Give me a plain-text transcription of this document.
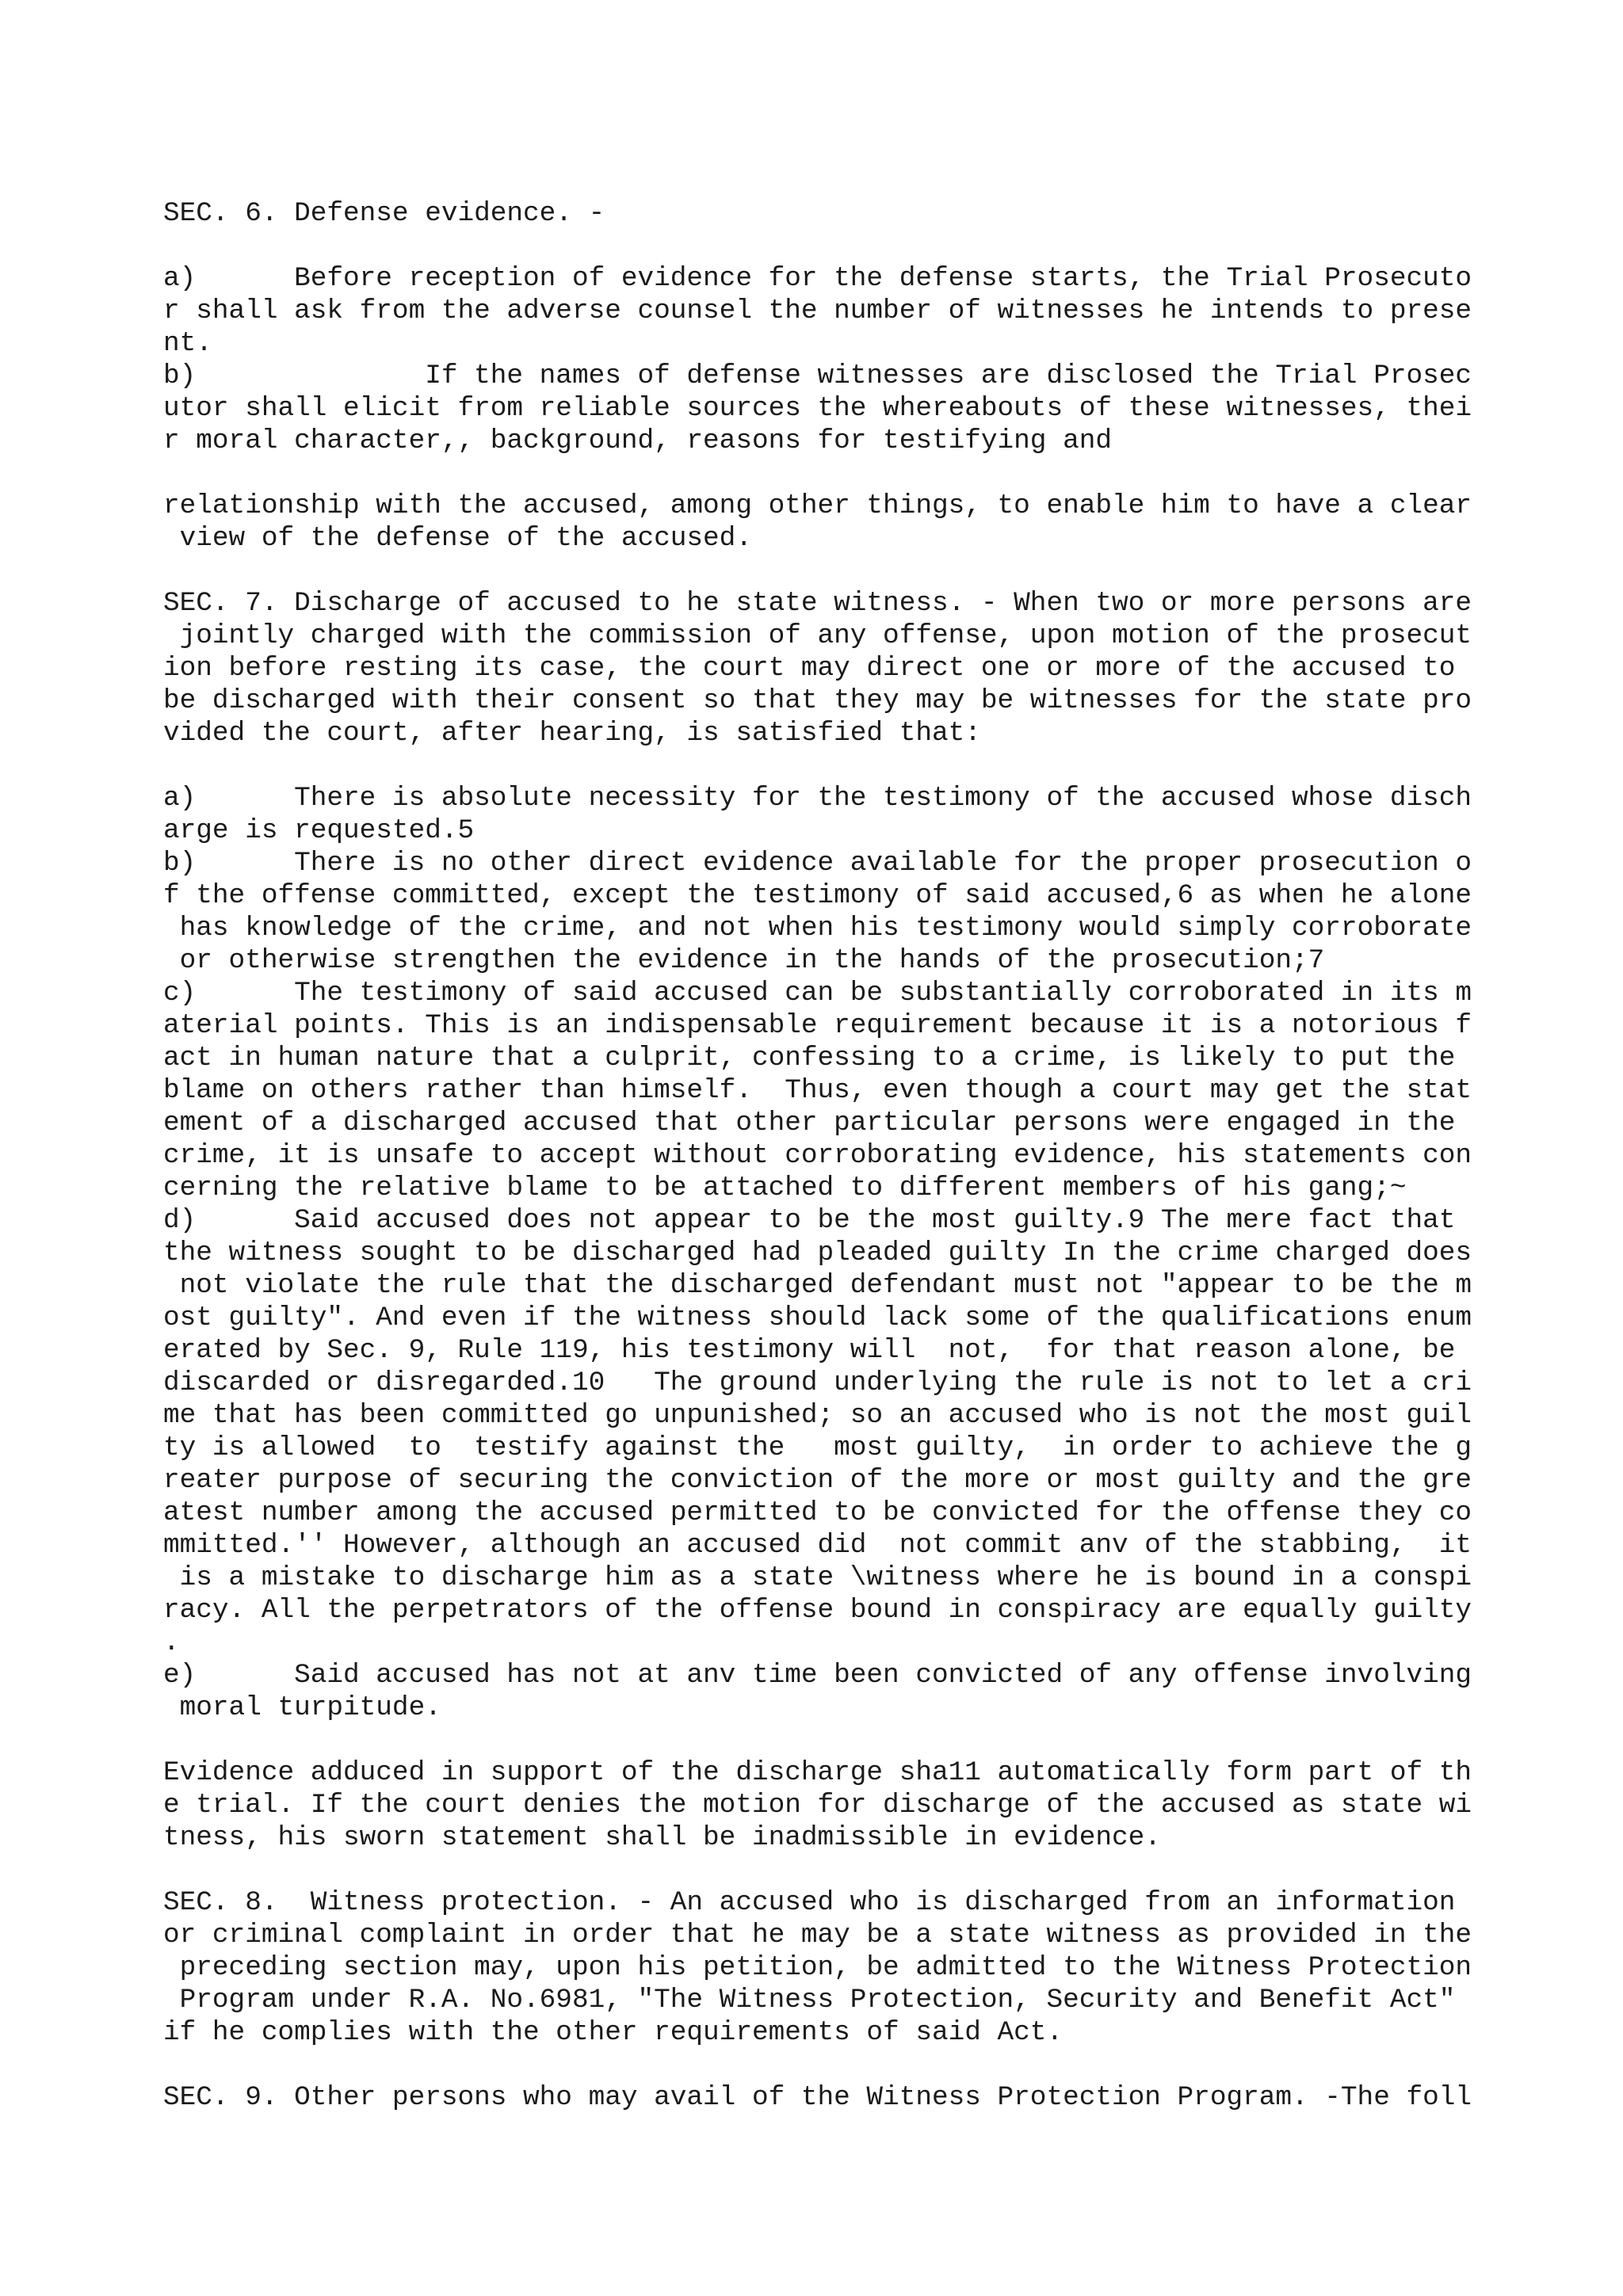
SEC. 6. Defense evidence. -
a)      Before reception of evidence for the defense starts, the Trial Prosecuto
r shall ask from the adverse counsel the number of witnesses he intends to prese
nt.
b)              If the names of defense witnesses are disclosed the Trial Prosec
utor shall elicit from reliable sources the whereabouts of these witnesses, thei
r moral character,, background, reasons for testifying and
relationship with the accused, among other things, to enable him to have a clear
view of the defense of the accused.
SEC. 7. Discharge of accused to he state witness. - When two or more persons are
jointly charged with the commission of any offense, upon motion of the prosecut
ion before resting its case, the court may direct one or more of the accused to
be discharged with their consent so that they may be witnesses for the state pro
vided the court, after hearing, is satisfied that:
a)      There is absolute necessity for the testimony of the accused whose disch
arge is requested.5
b)      There is no other direct evidence available for the proper prosecution o
f the offense committed, except the testimony of said accused,6 as when he alone
has knowledge of the crime, and not when his testimony would simply corroborate
or otherwise strengthen the evidence in the hands of the prosecution;7
c)      The testimony of said accused can be substantially corroborated in its m
aterial points. This is an indispensable requirement because it is a notorious f
act in human nature that a culprit, confessing to a crime, is likely to put the
blame on others rather than himself.  Thus, even though a court may get the stat
ement of a discharged accused that other particular persons were engaged in the
crime, it is unsafe to accept without corroborating evidence, his statements con
cerning the relative blame to be attached to different members of his gang;~
d)      Said accused does not appear to be the most guilty.9 The mere fact that
the witness sought to be discharged had pleaded guilty In the crime charged does
not violate the rule that the discharged defendant must not "appear to be the m
ost guilty". And even if the witness should lack some of the qualifications enum
erated by Sec. 9, Rule 119, his testimony will  not,  for that reason alone, be
discarded or disregarded.10   The ground underlying the rule is not to let a cri
me that has been committed go unpunished; so an accused who is not the most guil
ty is allowed  to  testify against the   most guilty,  in order to achieve the g
reater purpose of securing the conviction of the more or most guilty and the gre
atest number among the accused permitted to be convicted for the offense they co
mmitted.'' However, although an accused did  not commit anv of the stabbing,  it
is a mistake to discharge him as a state \witness where he is bound in a conspi
racy. All the perpetrators of the offense bound in conspiracy are equally guilty
.
e)      Said accused has not at anv time been convicted of any offense involving
moral turpitude.
Evidence adduced in support of the discharge sha11 automatically form part of th
e trial. If the court denies the motion for discharge of the accused as state wi
tness, his sworn statement shall be inadmissible in evidence.
SEC. 8.  Witness protection. - An accused who is discharged from an information
or criminal complaint in order that he may be a state witness as provided in the
preceding section may, upon his petition, be admitted to the Witness Protection
Program under R.A. No.6981, "The Witness Protection, Security and Benefit Act"
if he complies with the other requirements of said Act.
SEC. 9. Other persons who may avail of the Witness Protection Program. -The foll
